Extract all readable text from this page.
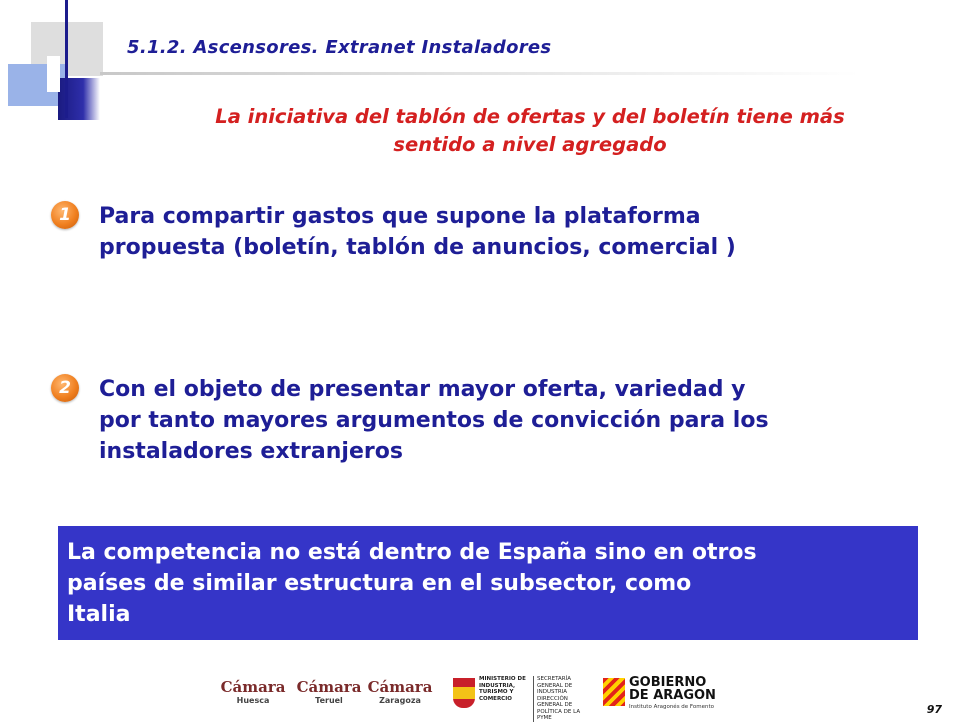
5.1.2. Ascensores. Extranet Instaladores
La iniciativa del tablón de ofertas y del boletín tiene más
sentido a nivel agregado
1	Para compartir gastos que supone la plataforma
propuesta (boletín, tablón de anuncios, comercial )
2	Con el objeto de presentar mayor oferta, variedad y
por tanto mayores argumentos de convicción para los
instaladores extranjeros
La competencia no está dentro de España sino en otros
países de similar estructura en el subsector, como
Italia
Cámara
Huesca
Cámara
Teruel
Cámara
Zaragoza
MINISTERIO DE INDUSTRIA, TURISMO Y COMERCIO
SECRETARÍA GENERAL DE INDUSTRIA
DIRECCIÓN GENERAL DE POLÍTICA DE LA PYME
GOBIERNO
DE ARAGON
Instituto Aragonés de Fomento	97
